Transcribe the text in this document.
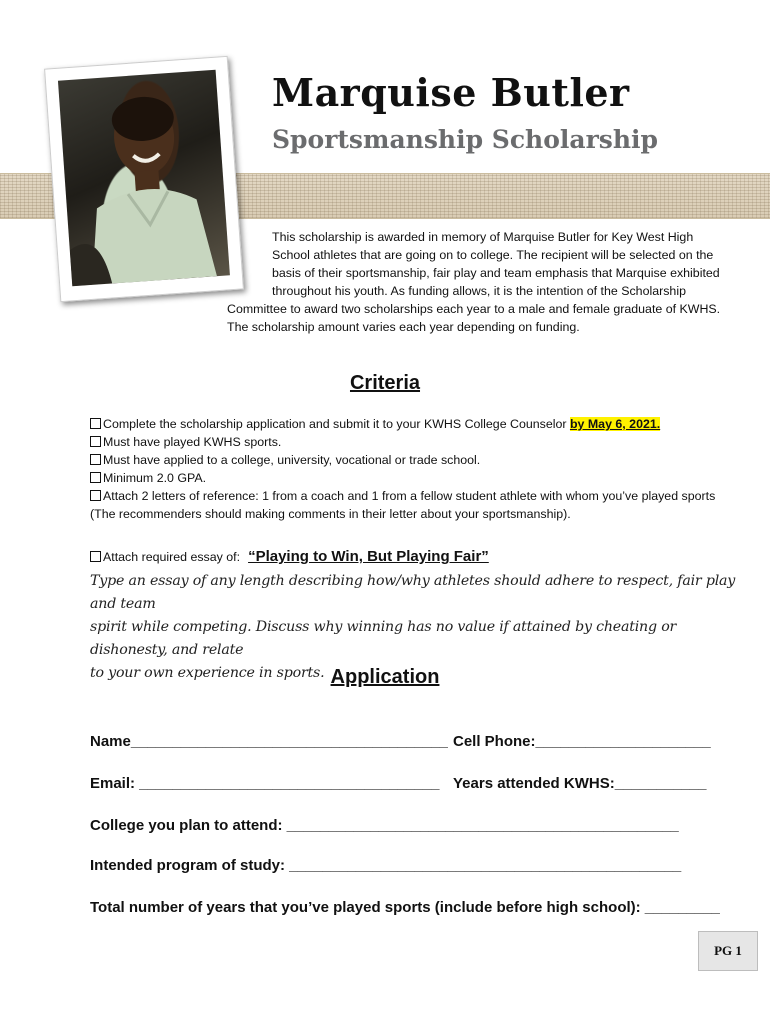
Marquise Butler
Sportsmanship Scholarship
This scholarship is awarded in memory of Marquise Butler for Key West High
School athletes that are going on to college. The recipient will be selected on the
basis of their sportsmanship, fair play and team emphasis that Marquise exhibited
throughout his youth. As funding allows, it is the intention of the Scholarship
Committee to award two scholarships each year to a male and female graduate of KWHS.
The scholarship amount varies each year depending on funding.
Criteria
Complete the scholarship application and submit it to your KWHS College Counselor by May 6, 2021.
Must have played KWHS sports.
Must have applied to a college, university, vocational or trade school.
Minimum 2.0 GPA.
Attach 2 letters of reference: 1 from a coach and 1 from a fellow student athlete with whom you’ve played sports
(The recommenders should making comments in their letter about your sportsmanship).
Attach required essay of: “Playing to Win, But Playing Fair”
Type an essay of any length describing how/why athletes should adhere to respect, fair play and team
spirit while competing. Discuss why winning has no value if attained by cheating or dishonesty, and relate
to your own experience in sports. Application
Name______________________________________ Cell Phone:_____________________
Email: ____________________________________ Years attended KWHS:___________
College you plan to attend: _______________________________________________
Intended program of study: _______________________________________________
Total number of years that you’ve played sports (include before high school): _________
PG 1
